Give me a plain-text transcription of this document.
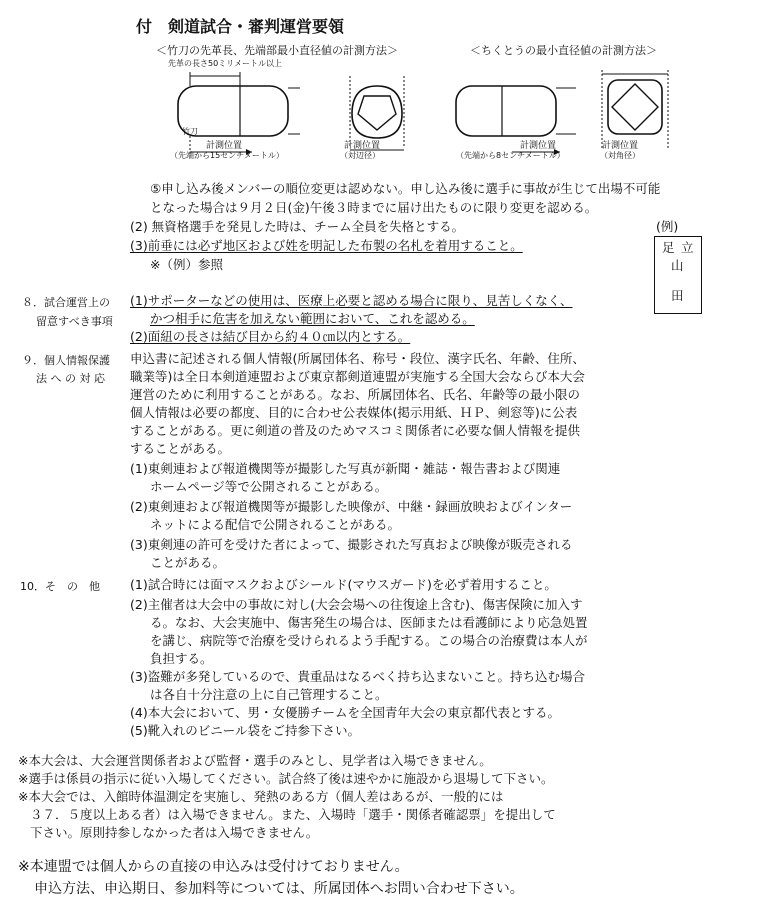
付　剣道試合・審判運営要領
＜竹刀の先革長、先端部最小直径値の計測方法＞	＜ちくとうの最小直径値の計測方法＞
先革の長さ50ミリメートル以上
竹刀
計測位置
（先端から15センチメートル）
計測位置
（対辺径）
計測位置
（先端から8センチメートル）
計測位置
（対角径）
⑤申し込み後メンバーの順位変更は認めない。申し込み後に選手に事故が生じて出場不可能
となった場合は９月２日(金)午後３時までに届け出たものに限り変更を認める。
(2) 無資格選手を発見した時は、チーム全員を失格とする。
(3)前垂には必ず地区および姓を明記した布製の名札を着用すること。
※（例）参照
(例)
足 立
山
田
８．試合運営上の
留意すべき事項
(1)サポーターなどの使用は、医療上必要と認める場合に限り、見苦しくなく、
かつ相手に危害を加えない範囲において、これを認める。
(2)面紐の長さは結び目から約４０㎝以内とする。
９．個人情報保護
法 へ の 対 応
申込書に記述される個人情報(所属団体名、称号・段位、漢字氏名、年齢、住所、
職業等)は全日本剣道連盟および東京都剣道連盟が実施する全国大会ならび本大会
運営のために利用することがある。なお、所属団体名、氏名、年齢等の最小限の
個人情報は必要の都度、目的に合わせ公表媒体(掲示用紙、ＨＰ、剣窓等)に公表
することがある。更に剣道の普及のためマスコミ関係者に必要な個人情報を提供
することがある。
(1)東剣連および報道機関等が撮影した写真が新聞・雑誌・報告書および関連
ホームページ等で公開されることがある。
(2)東剣連および報道機関等が撮影した映像が、中継・録画放映およびインター
ネットによる配信で公開されることがある。
(3)東剣連の許可を受けた者によって、撮影された写真および映像が販売される
ことがある。
10．そ　の　他 (1)試合時には面マスクおよびシールド(マウスガード)を必ず着用すること。
(2)主催者は大会中の事故に対し(大会会場への往復途上含む)、傷害保険に加入す
る。なお、大会実施中、傷害発生の場合は、医師または看護師により応急処置
を講じ、病院等で治療を受けられるよう手配する。この場合の治療費は本人が
負担する。
(3)盗難が多発しているので、貴重品はなるべく持ち込まないこと。持ち込む場合
は各自十分注意の上に自己管理すること。
(4)本大会において、男・女優勝チームを全国青年大会の東京都代表とする。
(5)靴入れのビニール袋をご持参下さい。
※本大会は、大会運営関係者および監督・選手のみとし、見学者は入場できません。
※選手は係員の指示に従い入場してください。試合終了後は速やかに施設から退場して下さい。
※本大会では、入館時体温測定を実施し、発熱のある方（個人差はあるが、一般的には
３７．５度以上ある者）は入場できません。また、入場時「選手・関係者確認票」を提出して
下さい。原則持参しなかった者は入場できません。
※本連盟では個人からの直接の申込みは受付けておりません。
申込方法、申込期日、参加料等については、所属団体へお問い合わせ下さい。
